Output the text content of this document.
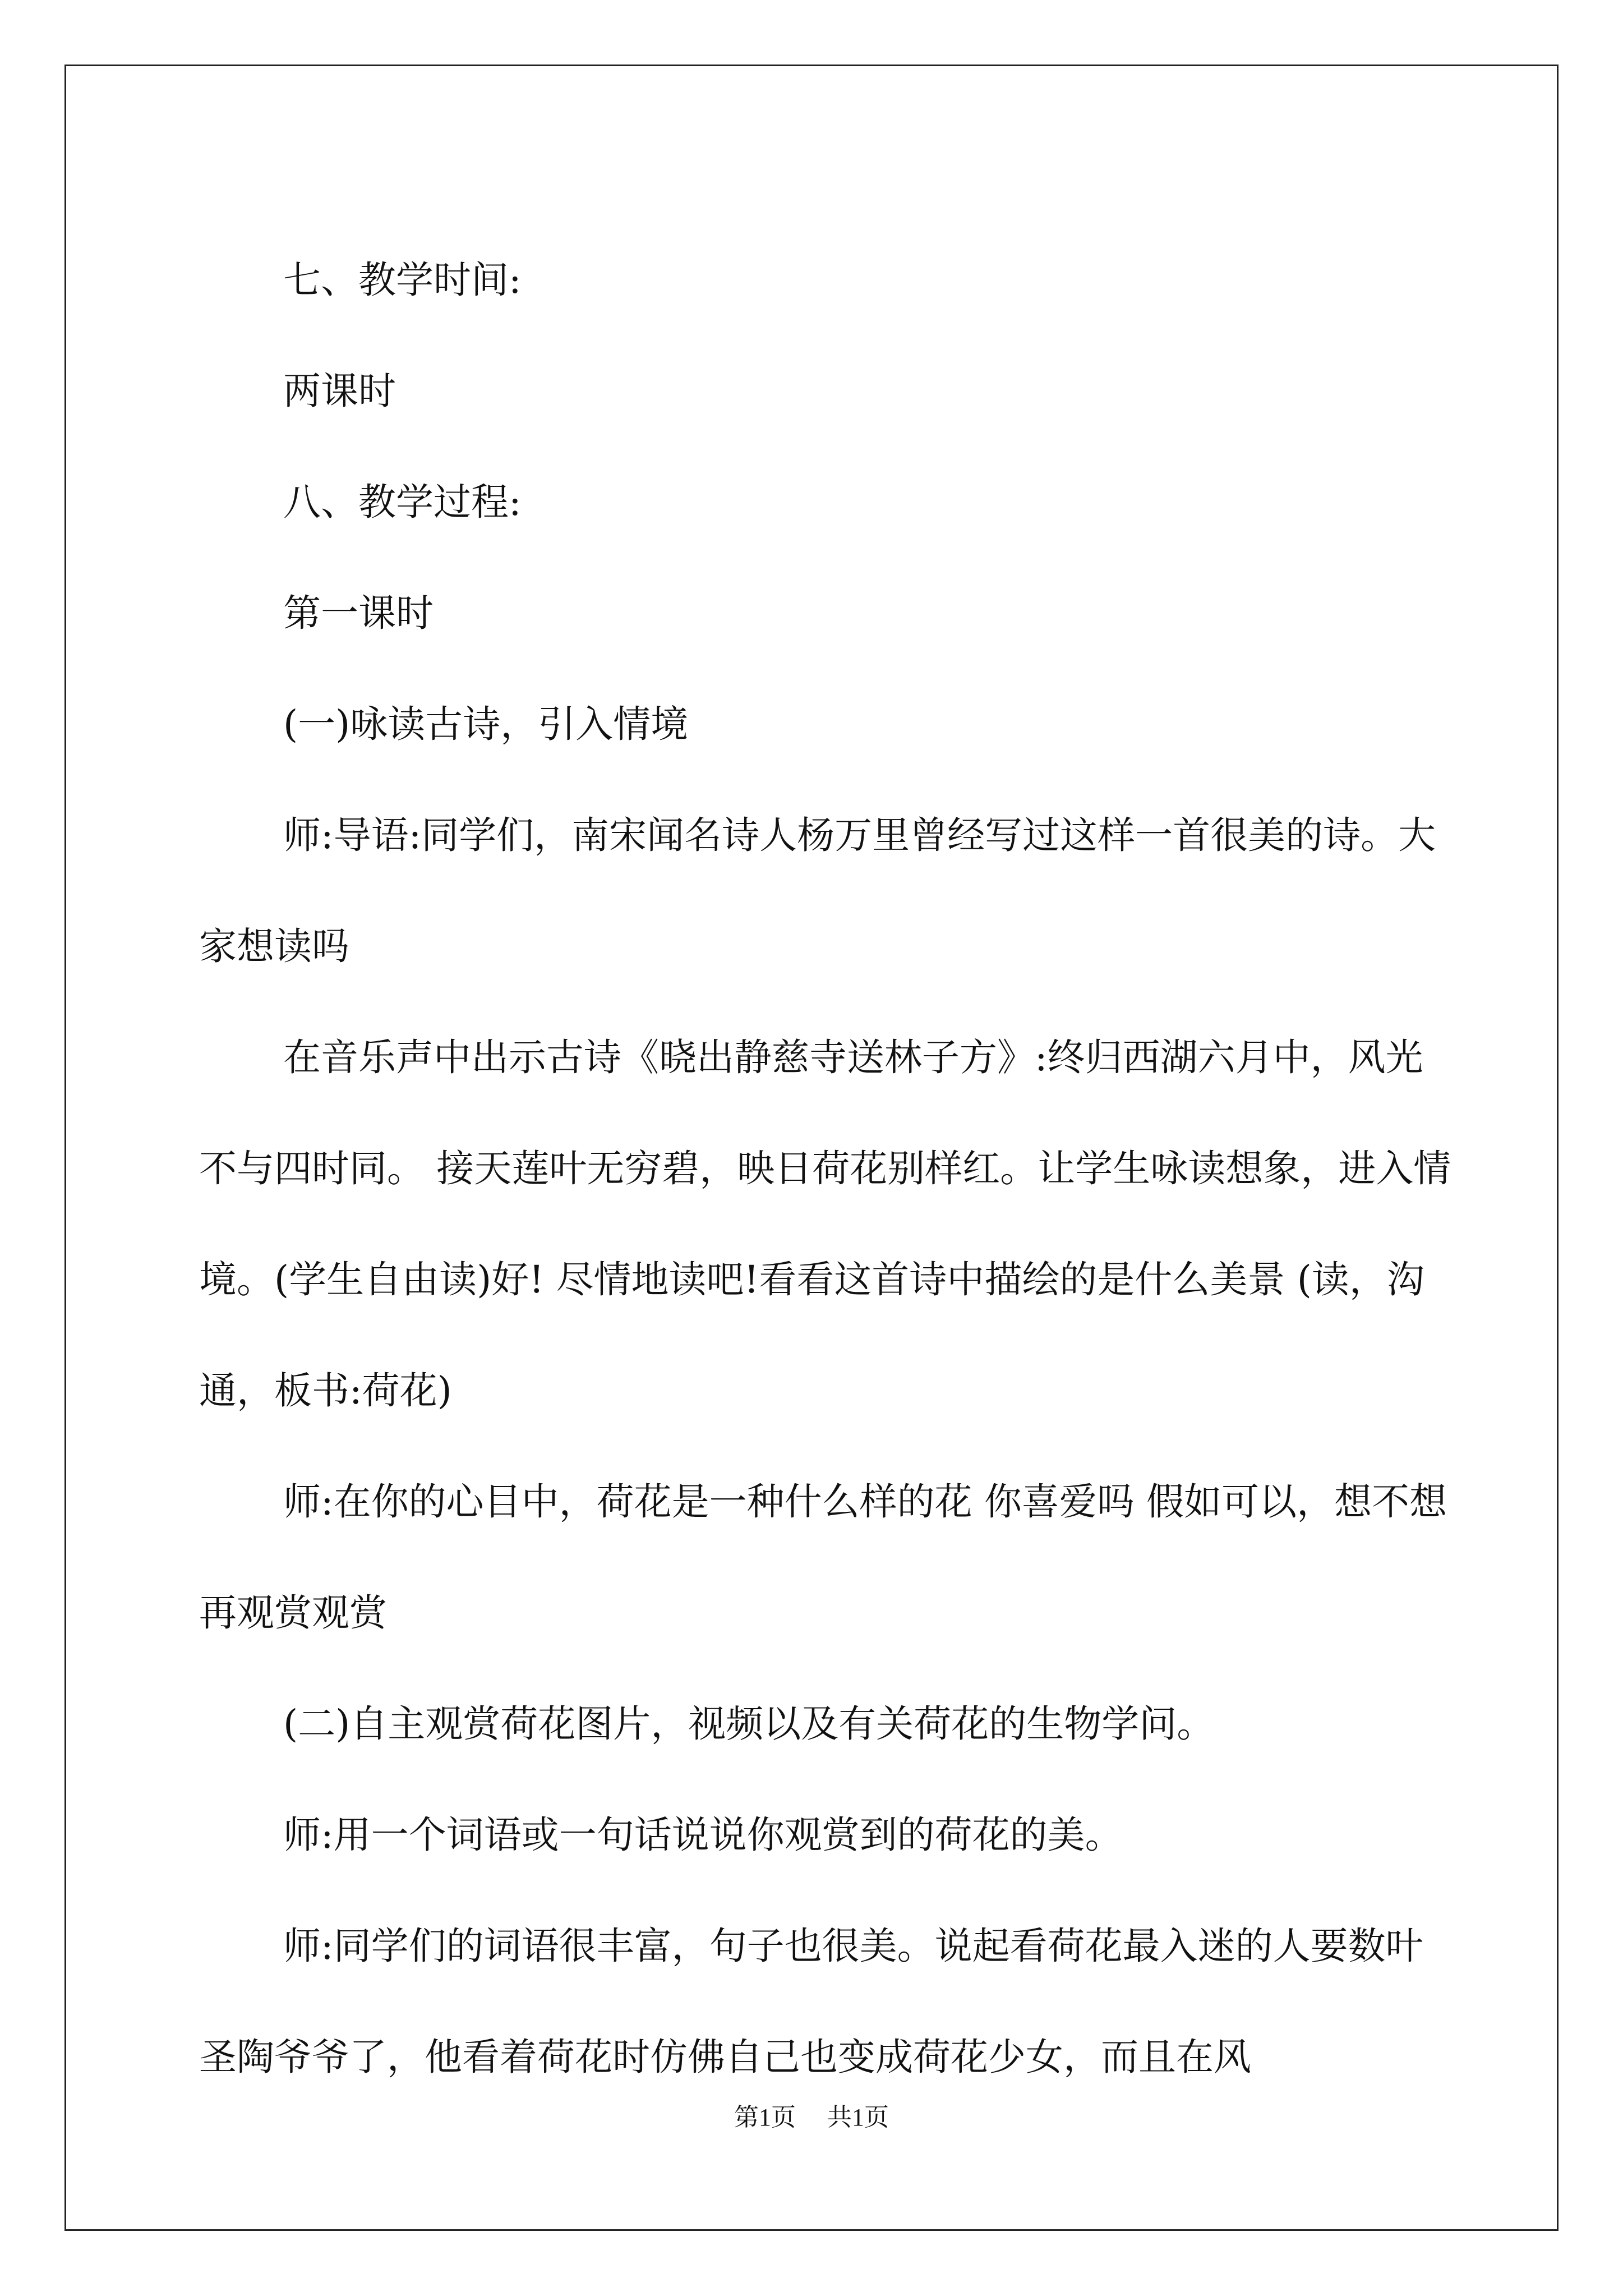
七、教学时间:

两课时

八、教学过程:

第一课时

(一)咏读古诗，引入情境

师:导语:同学们，南宋闻名诗人杨万里曾经写过这样一首很美的诗。大家想读吗

在音乐声中出示古诗《晓出静慈寺送林子方》:终归西湖六月中，风光不与四时同。 接天莲叶无穷碧，映日荷花别样红。让学生咏读想象，进入情境。(学生自由读)好! 尽情地读吧!看看这首诗中描绘的是什么美景 (读，沟通，板书:荷花)

师:在你的心目中，荷花是一种什么样的花 你喜爱吗 假如可以，想不想再观赏观赏

(二)自主观赏荷花图片，视频以及有关荷花的生物学问。

师:用一个词语或一句话说说你观赏到的荷花的美。

师:同学们的词语很丰富，句子也很美。说起看荷花最入迷的人要数叶圣陶爷爷了，他看着荷花时仿佛自己也变成荷花少女，而且在风

第1页 共1页
